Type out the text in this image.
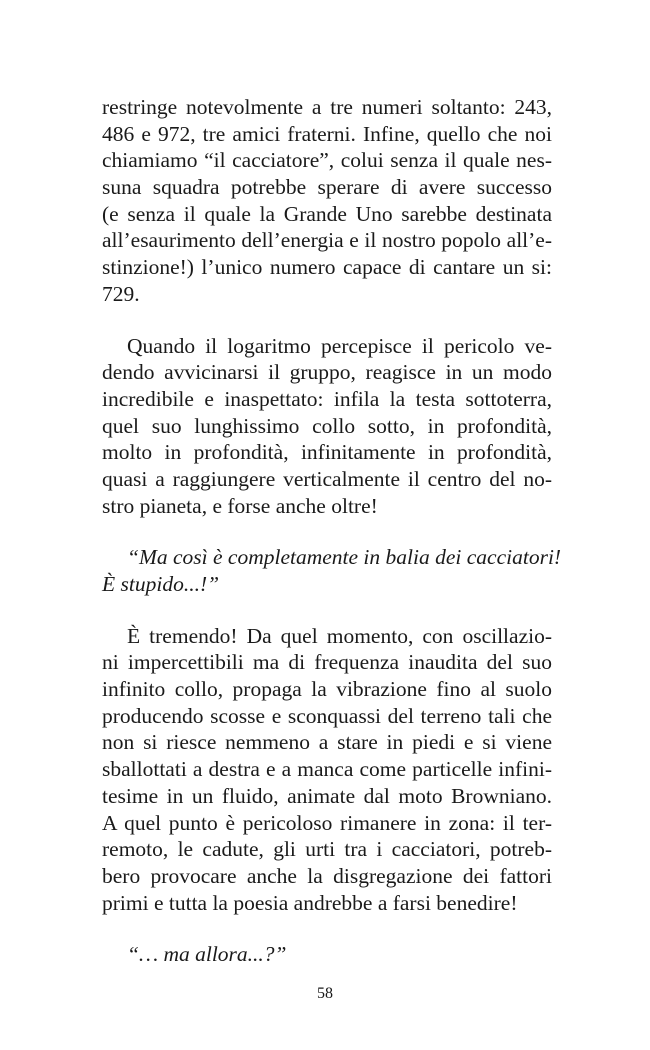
restringe notevolmente a tre numeri soltanto: 243,
486 e 972, tre amici fraterni. Infine, quello che noi
chiamiamo “il cacciatore”, colui senza il quale nes-
suna squadra potrebbe sperare di avere successo
(e senza il quale la Grande Uno sarebbe destinata
all’esaurimento dell’energia e il nostro popolo all’e-
stinzione!) l’unico numero capace di cantare un si:
729.
Quando il logaritmo percepisce il pericolo ve-
dendo avvicinarsi il gruppo, reagisce in un modo
incredibile e inaspettato: infila la testa sottoterra,
quel suo lunghissimo collo sotto, in profondità,
molto in profondità, infinitamente in profondità,
quasi a raggiungere verticalmente il centro del no-
stro pianeta, e forse anche oltre!
“Ma così è completamente in balia dei cacciatori!
È stupido...!”
È tremendo! Da quel momento, con oscillazio-
ni impercettibili ma di frequenza inaudita del suo
infinito collo, propaga la vibrazione fino al suolo
producendo scosse e sconquassi del terreno tali che
non si riesce nemmeno a stare in piedi e si viene
sballottati a destra e a manca come particelle infini-
tesime in un fluido, animate dal moto Browniano.
A quel punto è pericoloso rimanere in zona: il ter-
remoto, le cadute, gli urti tra i cacciatori, potreb-
bero provocare anche la disgregazione dei fattori
primi e tutta la poesia andrebbe a farsi benedire!
“… ma allora...?”
58
